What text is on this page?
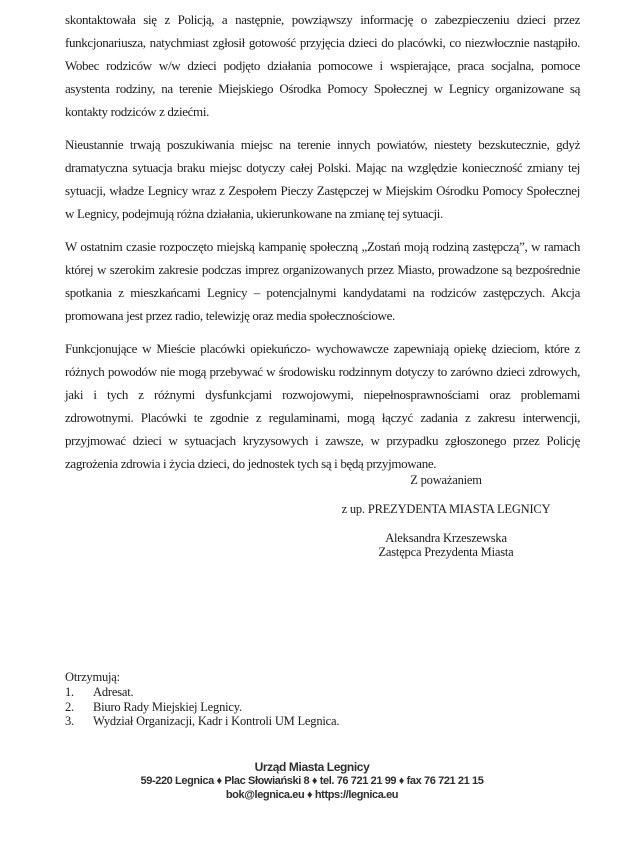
skontaktowała się z Policją, a następnie, powziąwszy informację o zabezpieczeniu dzieci przez funkcjonariusza, natychmiast zgłosił gotowość przyjęcia dzieci do placówki, co niezwłocznie nastąpiło. Wobec rodziców w/w dzieci podjęto działania pomocowe i wspierające, praca socjalna, pomoce asystenta rodziny, na terenie Miejskiego Ośrodka Pomocy Społecznej w Legnicy organizowane są kontakty rodziców z dziećmi.

Nieustannie trwają poszukiwania miejsc na terenie innych powiatów, niestety bezskutecznie, gdyż dramatyczna sytuacja braku miejsc dotyczy całej Polski. Mając na względzie konieczność zmiany tej sytuacji, władze Legnicy wraz z Zespołem Pieczy Zastępczej w Miejskim Ośrodku Pomocy Społecznej w Legnicy, podejmują różna działania, ukierunkowane na zmianę tej sytuacji.

W ostatnim czasie rozpoczęto miejską kampanię społeczną „Zostań moją rodziną zastępczą”, w ramach której w szerokim zakresie podczas imprez organizowanych przez Miasto, prowadzone są bezpośrednie spotkania z mieszkańcami Legnicy – potencjalnymi kandydatami na rodziców zastępczych. Akcja promowana jest przez radio, telewizję oraz media społecznościowe.

Funkcjonujące w Mieście placówki opiekuńczo- wychowawcze zapewniają opiekę dzieciom, które z różnych powodów nie mogą przebywać w środowisku rodzinnym dotyczy to zarówno dzieci zdrowych, jaki i tych z różnymi dysfunkcjami rozwojowymi, niepełnosprawnościami oraz problemami zdrowotnymi. Placówki te zgodnie z regulaminami, mogą łączyć zadania z zakresu interwencji, przyjmować dzieci w sytuacjach kryzysowych i zawsze, w przypadku zgłoszonego przez Policję zagrożenia zdrowia i życia dzieci, do jednostek tych są i będą przyjmowane.

Z poważaniem
z up. PREZYDENTA MIASTA LEGNICY
Aleksandra Krzeszewska
Zastępca Prezydenta Miasta
Otrzymują:
1.	Adresat.
2.	Biuro Rady Miejskiej Legnicy.
3.	Wydział Organizacji, Kadr i Kontroli UM Legnica.
Urząd Miasta Legnicy
59-220 Legnica ♦ Plac Słowiański 8 ♦ tel. 76 721 21 99 ♦ fax 76 721 21 15
bok@legnica.eu ♦ https://legnica.eu
